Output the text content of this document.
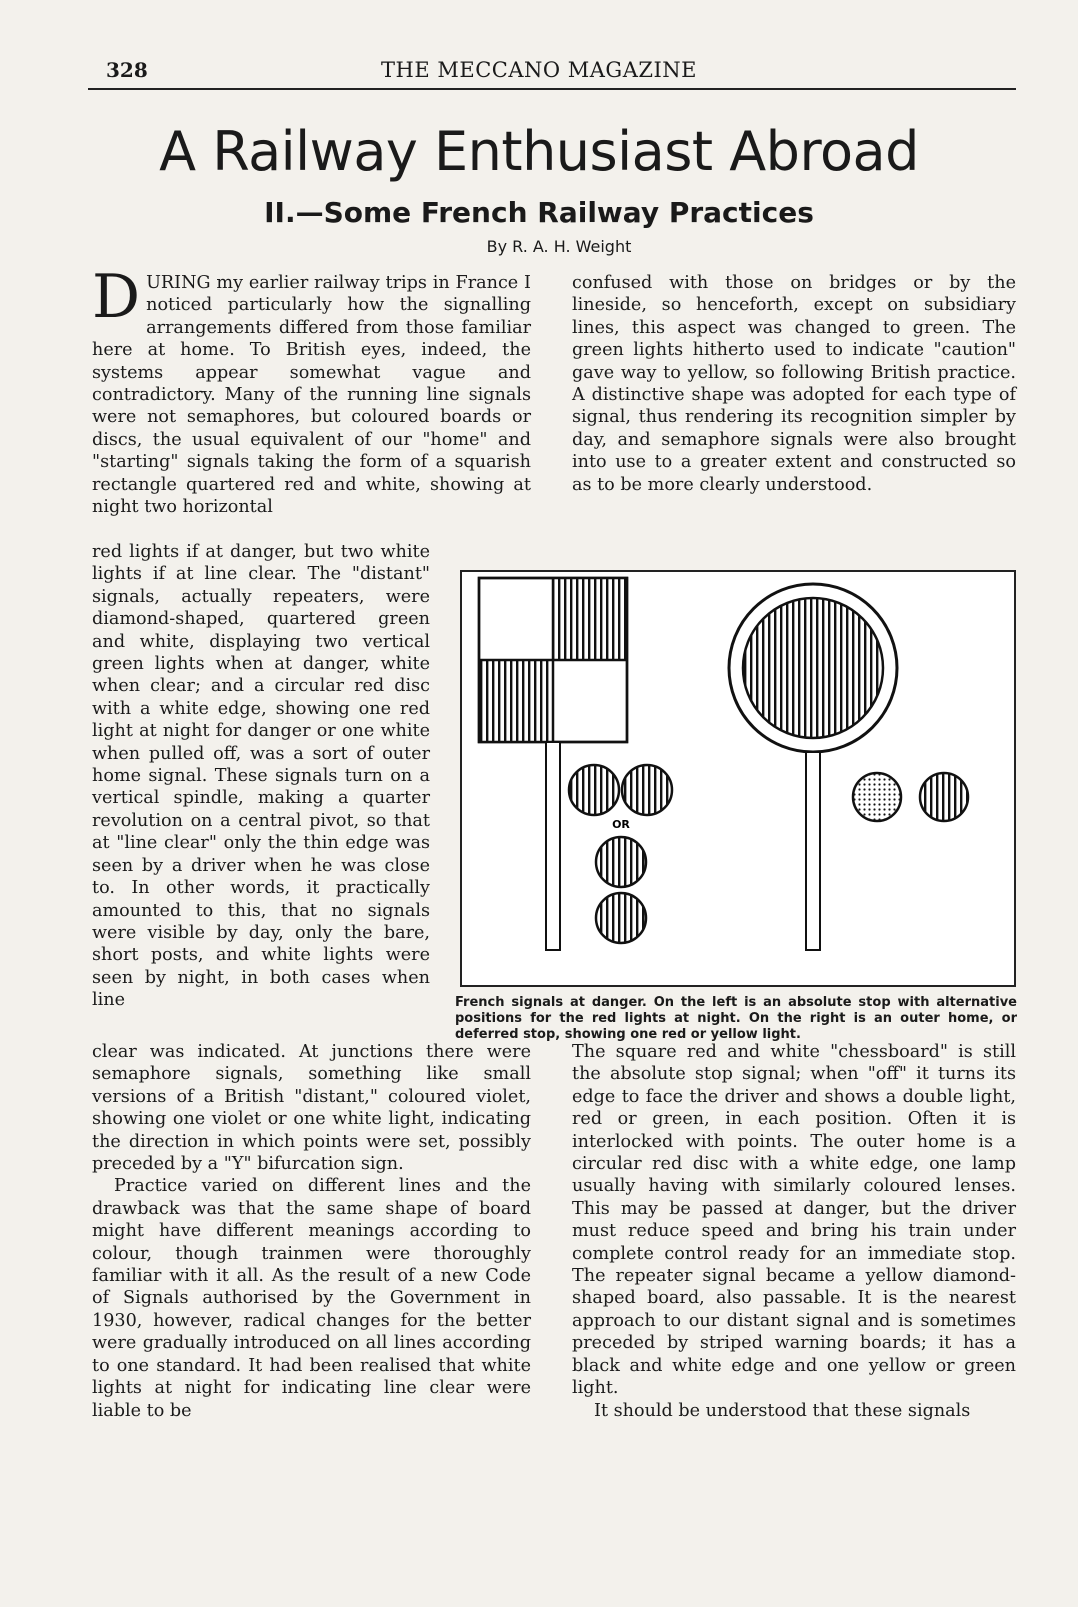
328	THE MECCANO MAGAZINE
A Railway Enthusiast Abroad
II.—Some French Railway Practices
By R. A. H. Weight

DURING my earlier railway trips in France I noticed particularly how the signalling arrangements differed from those familiar here at home. To British eyes, indeed, the systems appear somewhat vague and contradictory. Many of the running line signals were not semaphores, but coloured boards or discs, the usual equivalent of our "home" and "starting" signals taking the form of a squarish rectangle quartered red and white, showing at night two horizontal

red lights if at danger, but two white lights if at line clear. The "distant" signals, actually repeaters, were diamond-shaped, quartered green and white, displaying two vertical green lights when at danger, white when clear; and a circular red disc with a white edge, showing one red light at night for danger or one white when pulled off, was a sort of outer home signal. These signals turn on a vertical spindle, making a quarter revolution on a central pivot, so that at "line clear" only the thin edge was seen by a driver when he was close to. In other words, it practically amounted to this, that no signals were visible by day, only the bare, short posts, and white lights were seen by night, in both cases when line

clear was indicated. At junctions there were semaphore signals, something like small versions of a British "distant," coloured violet, showing one violet or one white light, indicating the direction in which points were set, possibly preceded by a "Y" bifurcation sign.

Practice varied on different lines and the drawback was that the same shape of board might have different meanings according to colour, though trainmen were thoroughly familiar with it all. As the result of a new Code of Signals authorised by the Government in 1930, however, radical changes for the better were gradually introduced on all lines according to one standard. It had been realised that white lights at night for indicating line clear were liable to be

confused with those on bridges or by the lineside, so henceforth, except on subsidiary lines, this aspect was changed to green. The green lights hitherto used to indicate "caution" gave way to yellow, so following British practice. A distinctive shape was adopted for each type of signal, thus rendering its recognition simpler by day, and semaphore signals were also brought into use to a greater extent and constructed so as to be more clearly understood.

The square red and white "chessboard" is still the absolute stop signal; when "off" it turns its edge to face the driver and shows a double light, red or green, in each position. Often it is interlocked with points. The outer home is a circular red disc with a white edge, one lamp usually having with similarly coloured lenses. This may be passed at danger, but the driver must reduce speed and bring his train under complete control ready for an immediate stop. The repeater signal became a yellow diamond-shaped board, also passable. It is the nearest approach to our distant signal and is sometimes preceded by striped warning boards; it has a black and white edge and one yellow or green light.

It should be understood that these signals

OR
French signals at danger. On the left is an absolute stop with alternative positions for the red lights at night. On the right is an outer home, or deferred stop, showing one red or yellow light.
